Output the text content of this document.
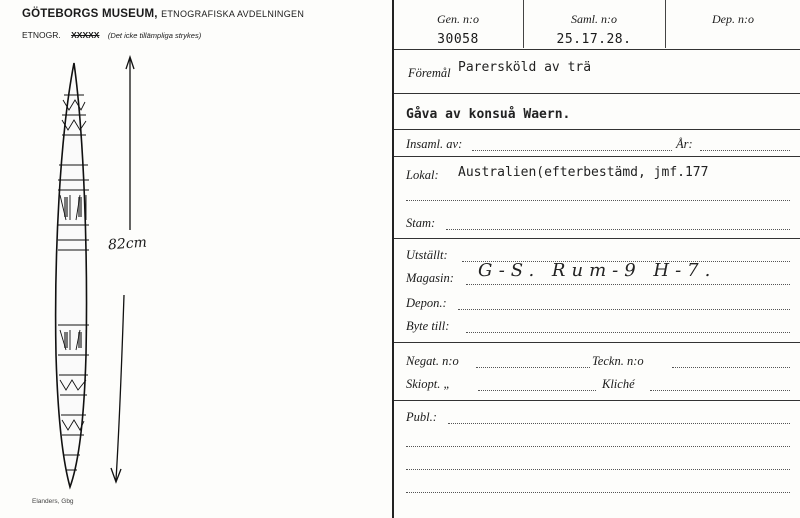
GÖTEBORGS MUSEUM, ETNOGRAFISKA AVDELNINGEN
ETNOGR. XXXXX (Det icke tillämpliga strykes)
82cm
Elanders, Gbg
Gen. n:o
30058
Saml. n:o
25.17.28.
Dep. n:o
Föremål Parersköld av trä
Gåva av konsuå Waern.
Insaml. av:	År:
Lokal: Australien(efterbestämd, jmf.177
Stam:
Utställt:
Magasin: G-S. Rum-9 H-7.
Depon.:
Byte till:
Negat. n:o	Teckn. n:o
Skiopt. „	Kliché
Publ.:
